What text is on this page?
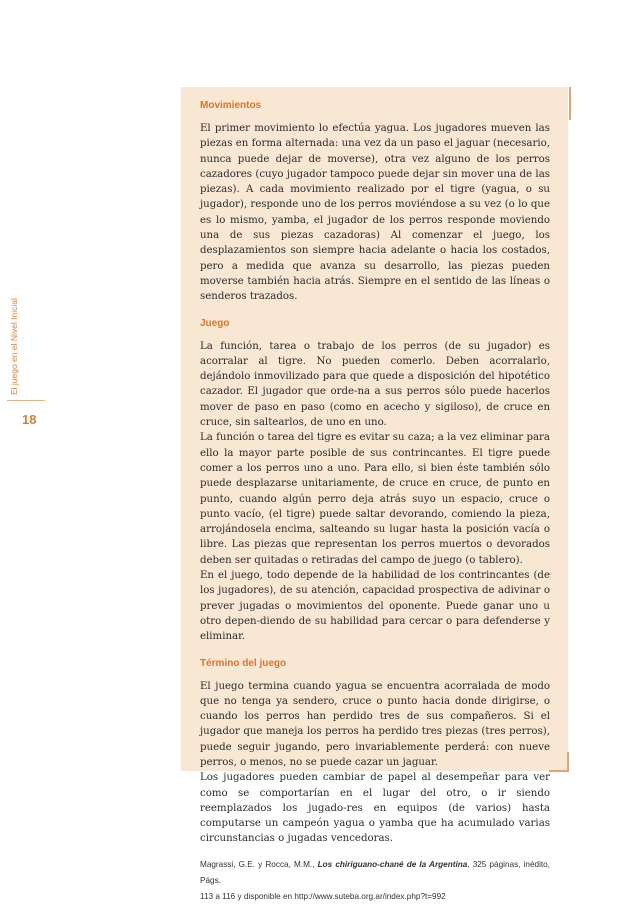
El juego en el Nivel Inicial
18
Movimientos

El primer movimiento lo efectúa yagua. Los jugadores mueven las piezas en forma alternada: una vez da un paso el jaguar (necesario, nunca puede dejar de moverse), otra vez alguno de los perros cazadores (cuyo jugador tampoco puede dejar sin mover una de las piezas). A cada movimiento realizado por el tigre (yagua, o su jugador), responde uno de los perros moviéndose a su vez (o lo que es lo mismo, yamba, el jugador de los perros responde moviendo una de sus piezas cazadoras) Al comenzar el juego, los desplazamientos son siempre hacia adelante o hacia los costados, pero a medida que avanza su desarrollo, las piezas pueden moverse también hacia atrás. Siempre en el sentido de las líneas o senderos trazados.

Juego

La función, tarea o trabajo de los perros (de su jugador) es acorralar al tigre. No pueden comerlo. Deben acorralarlo, dejándolo inmovilizado para que quede a disposición del hipotético cazador. El jugador que orde-na a sus perros sólo puede hacerlos mover de paso en paso (como en acecho y sigiloso), de cruce en cruce, sin saltearlos, de uno en uno.

La función o tarea del tigre es evitar su caza; a la vez eliminar para ello la mayor parte posible de sus contrincantes. El tigre puede comer a los perros uno a uno. Para ello, si bien éste también sólo puede desplazarse unitariamente, de cruce en cruce, de punto en punto, cuando algún perro deja atrás suyo un espacio, cruce o punto vacío, (el tigre) puede saltar devorando, comiendo la pieza, arrojándosela encima, salteando su lugar hasta la posición vacía o libre. Las piezas que representan los perros muertos o devorados deben ser quitadas o retiradas del campo de juego (o tablero).

En el juego, todo depende de la habilidad de los contrincantes (de los jugadores), de su atención, capacidad prospectiva de adivinar o prever jugadas o movimientos del oponente. Puede ganar uno u otro depen-diendo de su habilidad para cercar o para defenderse y eliminar.

Término del juego

El juego termina cuando yagua se encuentra acorralada de modo que no tenga ya sendero, cruce o punto hacia donde dirigirse, o cuando los perros han perdido tres de sus compañeros. Si el jugador que maneja los perros ha perdido tres piezas (tres perros), puede seguir jugando, pero invariablemente perderá: con nueve perros, o menos, no se puede cazar un jaguar.

Los jugadores pueden cambiar de papel al desempeñar para ver como se comportarían en el lugar del otro, o ir siendo reemplazados los jugado-res en equipos (de varios) hasta computarse un campeón yagua o yamba que ha acumulado varias circunstancias o jugadas vencedoras.

Magrassi, G.E. y Rocca, M.M., Los chiriguano-chané de la Argentina, 325 páginas, inédito, Págs.
113 a 116 y disponible en http://www.suteba.org.ar/index.php?t=992
